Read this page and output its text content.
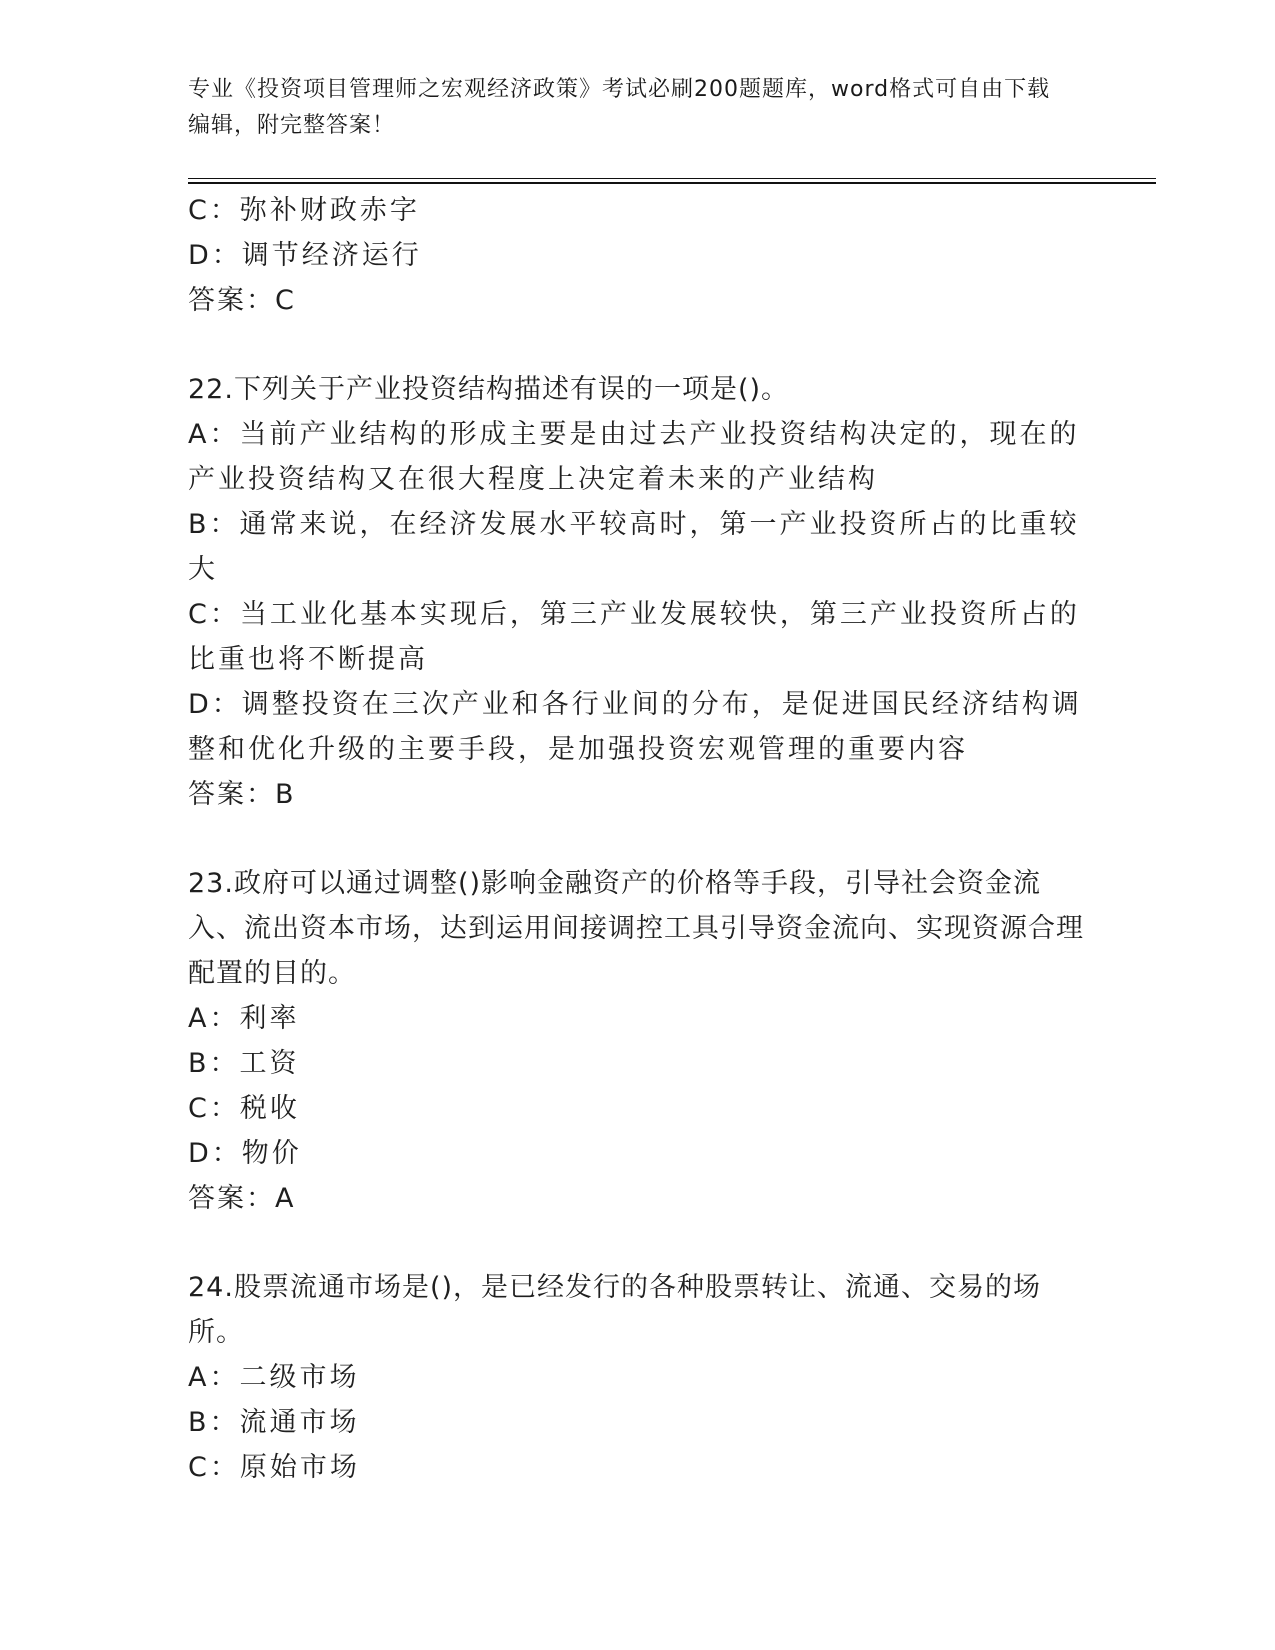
专业《投资项目管理师之宏观经济政策》考试必刷200题题库，word格式可自由下载编辑，附完整答案！
C：弥补财政赤字
D：调节经济运行
答案：C
22.下列关于产业投资结构描述有误的一项是()。
A：当前产业结构的形成主要是由过去产业投资结构决定的，现在的产业投资结构又在很大程度上决定着未来的产业结构
B：通常来说，在经济发展水平较高时，第一产业投资所占的比重较大
C：当工业化基本实现后，第三产业发展较快，第三产业投资所占的比重也将不断提高
D：调整投资在三次产业和各行业间的分布，是促进国民经济结构调整和优化升级的主要手段，是加强投资宏观管理的重要内容
答案：B
23.政府可以通过调整()影响金融资产的价格等手段，引导社会资金流入、流出资本市场，达到运用间接调控工具引导资金流向、实现资源合理配置的目的。
A：利率
B：工资
C：税收
D：物价
答案：A
24.股票流通市场是()，是已经发行的各种股票转让、流通、交易的场所。
A：二级市场
B：流通市场
C：原始市场
